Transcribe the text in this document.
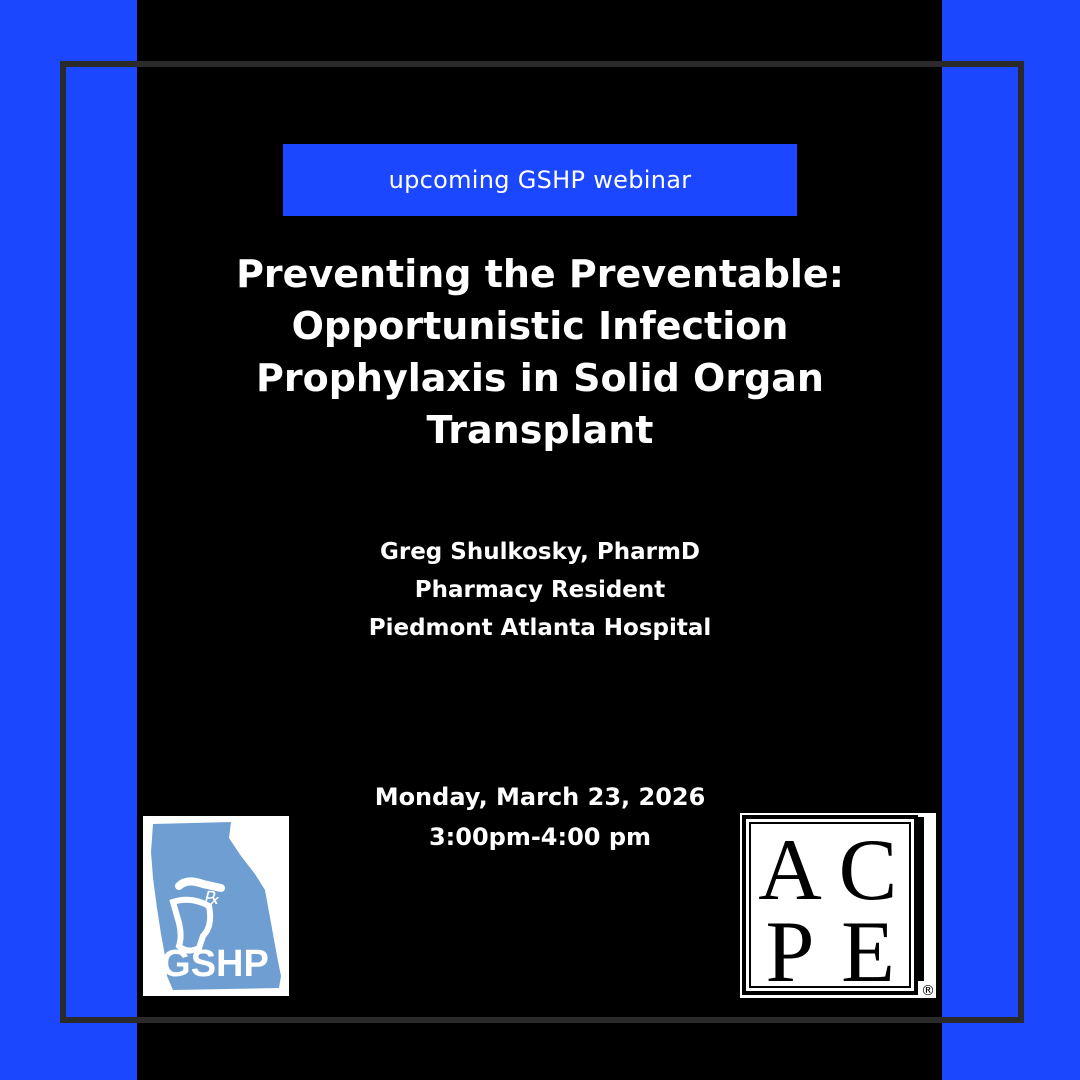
upcoming GSHP webinar
Preventing the Preventable:
Opportunistic Infection
Prophylaxis in Solid Organ
Transplant
Greg Shulkosky, PharmD
Pharmacy Resident
Piedmont Atlanta Hospital
Monday, March 23, 2026
3:00pm-4:00 pm
℞
GSHP
A C
P E ®
